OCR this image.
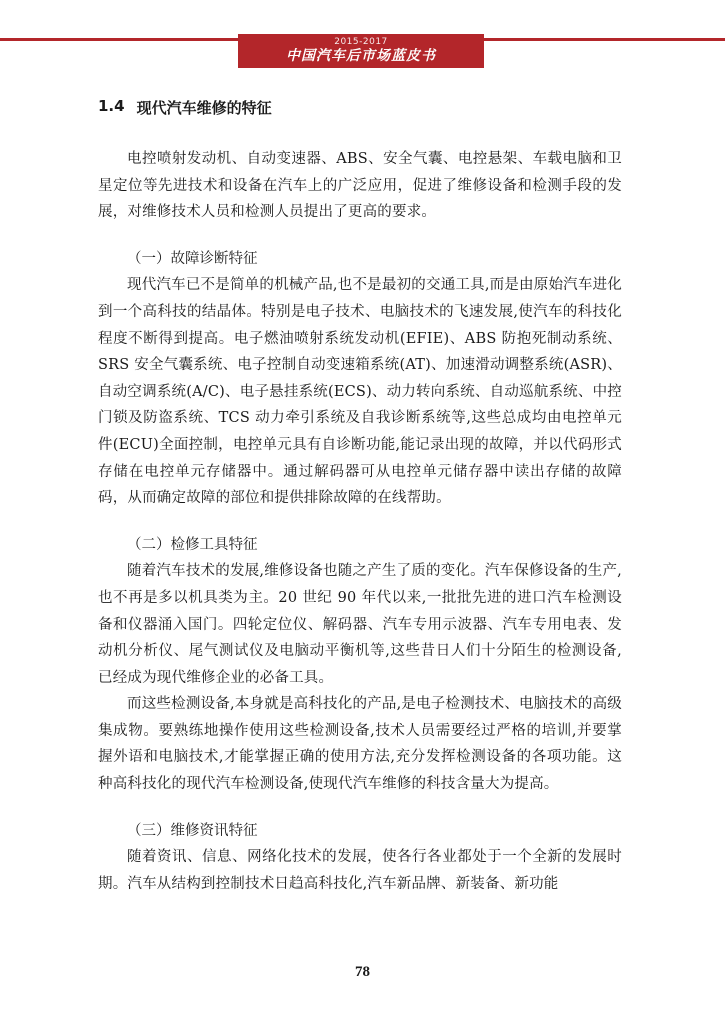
2015-2017
中国汽车后市场蓝皮书
1.4 现代汽车维修的特征

电控喷射发动机、自动变速器、ABS、安全气囊、电控悬架、车载电脑和卫星定位等先进技术和设备在汽车上的广泛应用，促进了维修设备和检测手段的发展，对维修技术人员和检测人员提出了更高的要求。

（一）故障诊断特征

现代汽车已不是简单的机械产品,也不是最初的交通工具,而是由原始汽车进化到一个高科技的结晶体。特别是电子技术、电脑技术的飞速发展,使汽车的科技化程度不断得到提高。电子燃油喷射系统发动机(EFIE)、ABS 防抱死制动系统、SRS 安全气囊系统、电子控制自动变速箱系统(AT)、加速滑动调整系统(ASR)、自动空调系统(A/C)、电子悬挂系统(ECS)、动力转向系统、自动巡航系统、中控门锁及防盗系统、TCS 动力牵引系统及自我诊断系统等,这些总成均由电控单元件(ECU)全面控制，电控单元具有自诊断功能,能记录出现的故障，并以代码形式存储在电控单元存储器中。通过解码器可从电控单元储存器中读出存储的故障码，从而确定故障的部位和提供排除故障的在线帮助。

（二）检修工具特征

随着汽车技术的发展,维修设备也随之产生了质的变化。汽车保修设备的生产,也不再是多以机具类为主。20 世纪 90 年代以来,一批批先进的进口汽车检测设备和仪器涌入国门。四轮定位仪、解码器、汽车专用示波器、汽车专用电表、发动机分析仪、尾气测试仪及电脑动平衡机等,这些昔日人们十分陌生的检测设备,已经成为现代维修企业的必备工具。

而这些检测设备,本身就是高科技化的产品,是电子检测技术、电脑技术的高级集成物。要熟练地操作使用这些检测设备,技术人员需要经过严格的培训,并要掌握外语和电脑技术,才能掌握正确的使用方法,充分发挥检测设备的各项功能。这种高科技化的现代汽车检测设备,使现代汽车维修的科技含量大为提高。

（三）维修资讯特征

随着资讯、信息、网络化技术的发展，使各行各业都处于一个全新的发展时期。汽车从结构到控制技术日趋高科技化,汽车新品牌、新装备、新功能

78
